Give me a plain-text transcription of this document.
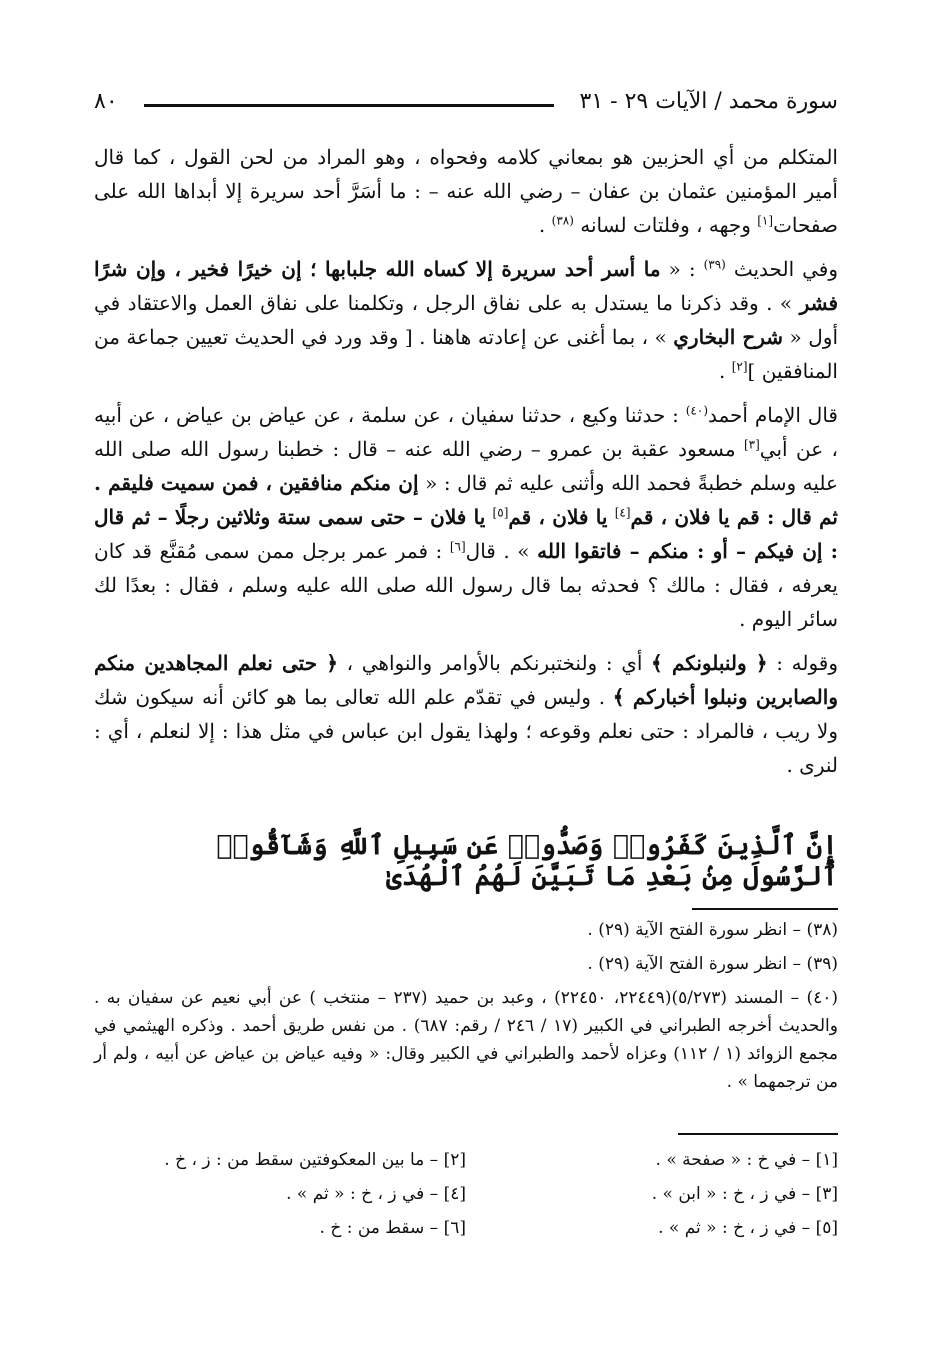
سورة محمد / الآيات ٢٩ - ٣١
٨٠

المتكلم من أي الحزبين هو بمعاني كلامه وفحواه ، وهو المراد من لحن القول ، كما قال أمير المؤمنين عثمان بن عفان – رضي الله عنه – : ما أسَرَّ أحد سريرة إلا أبداها الله على صفحات[١] وجهه ، وفلتات لسانه $^{(٣٨)}$ .

وفي الحديث $^{(٣٩)}$ : « ما أسر أحد سريرة إلا كساه الله جلبابها ؛ إن خيرًا فخير ، وإن شرًا فشر » . وقد ذكرنا ما يستدل به على نفاق الرجل ، وتكلمنا على نفاق العمل والاعتقاد في أول « شرح البخاري » ، بما أغنى عن إعادته هاهنا . [ وقد ورد في الحديث تعيين جماعة من المنافقين ][٢] .

قال الإمام أحمد$^{(٤٠)}$ : حدثنا وكيع ، حدثنا سفيان ، عن سلمة ، عن عياض بن عياض ، عن أبيه ، عن أبي[٣] مسعود عقبة بن عمرو – رضي الله عنه – قال : خطبنا رسول الله صلى الله عليه وسلم خطبةً فحمد الله وأثنى عليه ثم قال : « إن منكم منافقين ، فمن سميت فليقم . ثم قال : قم يا فلان ، قم[٤] يا فلان ، قم[٥] يا فلان – حتى سمى ستة وثلاثين رجلًا – ثم قال : إن فيكم – أو : منكم – فاتقوا الله » . قال[٦] : فمر عمر برجل ممن سمى مُقنَّع قد كان يعرفه ، فقال : مالك ؟ فحدثه بما قال رسول الله صلى الله عليه وسلم ، فقال : بعدًا لك سائر اليوم .

وقوله : ﴿ ولنبلونكم ﴾ أي : ولنختبرنكم بالأوامر والنواهي ، ﴿ حتى نعلم المجاهدين منكم والصابرين ونبلوا أخباركم ﴾ . وليس في تقدّم علم الله تعالى بما هو كائن أنه سيكون شك ولا ريب ، فالمراد : حتى نعلم وقوعه ؛ ولهذا يقول ابن عباس في مثل هذا : إلا لنعلم ، أي : لنرى .

إِنَّ ٱلَّذِينَ كَفَرُوا۟ وَصَدُّوا۟ عَن سَبِيلِ ٱللَّهِ وَشَآقُّوا۟ ٱلرَّسُولَ مِنۢ بَعْدِ مَا تَبَيَّنَ لَهُمُ ٱلْهُدَىٰ

(٣٨) – انظر سورة الفتح الآية (٢٩) .

(٣٩) – انظر سورة الفتح الآية (٢٩) .

(٤٠) – المسند (٥/٢٧٣)(٢٢٤٤٩، ٢٢٤٥٠) ، وعبد بن حميد (٢٣٧ – منتخب ) عن أبي نعيم عن سفيان به . والحديث أخرجه الطبراني في الكبير (١٧ / ٢٤٦ / رقم: ٦٨٧) . من نفس طريق أحمد . وذكره الهيثمي في مجمع الزوائد (١ / ١١٢) وعزاه لأحمد والطبراني في الكبير وقال: « وفيه عياض بن عياض عن أبيه ، ولم أر من ترجمهما » .

[١] – في خ : « صفحة » .
[٢] – ما بين المعكوفتين سقط من : ز ، خ .
[٣] – في ز ، خ : « ابن » .
[٤] – في ز ، خ : « ثم » .
[٥] – في ز ، خ : « ثم » .
[٦] – سقط من : خ .
